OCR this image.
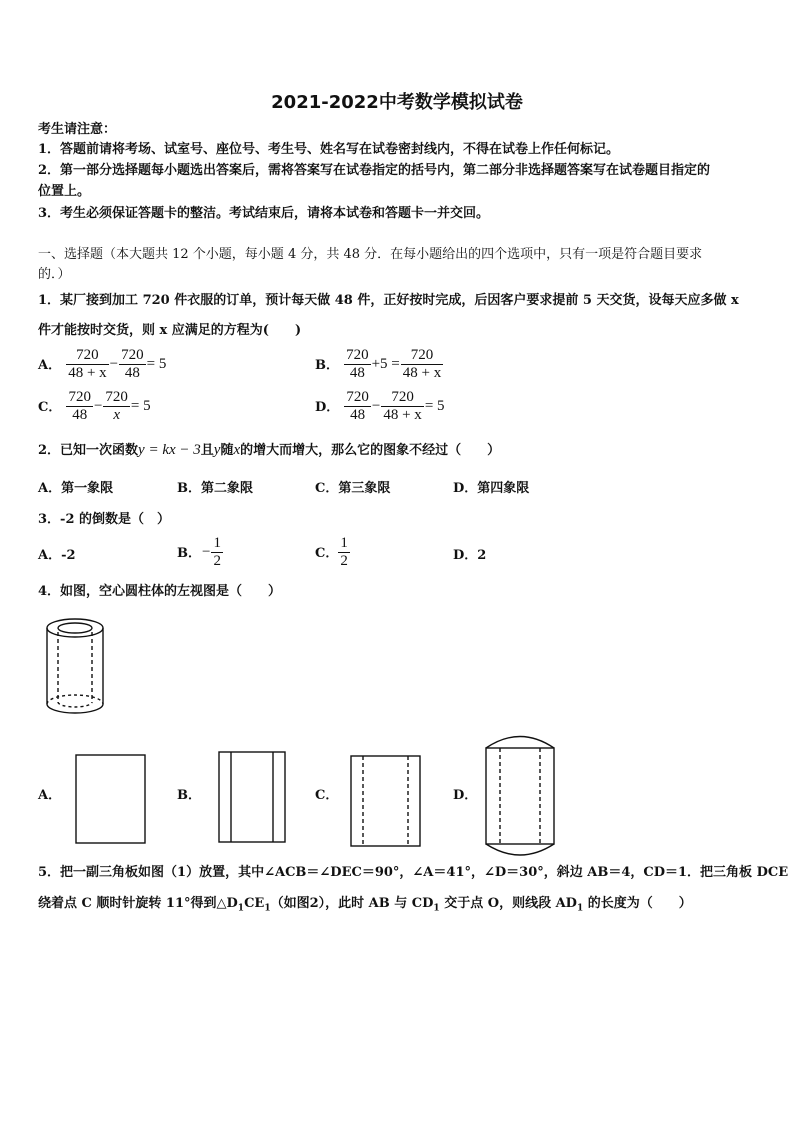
2021-2022中考数学模拟试卷
考生请注意：
1．答题前请将考场、试室号、座位号、考生号、姓名写在试卷密封线内，不得在试卷上作任何标记。
2．第一部分选择题每小题选出答案后，需将答案写在试卷指定的括号内，第二部分非选择题答案写在试卷题目指定的
位置上。
3．考生必须保证答题卡的整洁。考试结束后，请将本试卷和答题卡一并交回。
一、选择题（本大题共 12 个小题，每小题 4 分，共 48 分．在每小题给出的四个选项中，只有一项是符合题目要求
的．）
1．某厂接到加工 720 件衣服的订单，预计每天做 48 件，正好按时完成，后因客户要求提前 5 天交货，设每天应多做 x
件才能按时交货，则 x 应满足的方程为(　　)
A． $\frac{720}{48 + x} - \frac{720}{48} = 5$	B． $\frac{720}{48} +5 = \frac{720}{48 + x}$
C． $\frac{720}{48} - \frac{720}{x} = 5$	D． $\frac{720}{48} - \frac{720}{48 + x} = 5$
2．已知一次函数y = kx − 3且y随x的增大而增大，那么它的图象不经过（　　）
A．第一象限	B．第二象限	C．第三象限	D．第四象限
3．-2 的倒数是（　）
A．-2	B．− $\frac{1}{2}$	C． $\frac{1}{2}$	D．2
4．如图，空心圆柱体的左视图是（　　）
A．	B．	C．	D．
5．把一副三角板如图（1）放置，其中∠ACB＝∠DEC＝90°，∠A＝41°，∠D＝30°，斜边 AB＝4，CD＝1．把三角板 DCE
绕着点 C 顺时针旋转 11°得到$\triangle D_1CE_1$（如图2），此时 AB 与 $CD_1$ 交于点 O，则线段 $AD_1$ 的长度为（　　）
